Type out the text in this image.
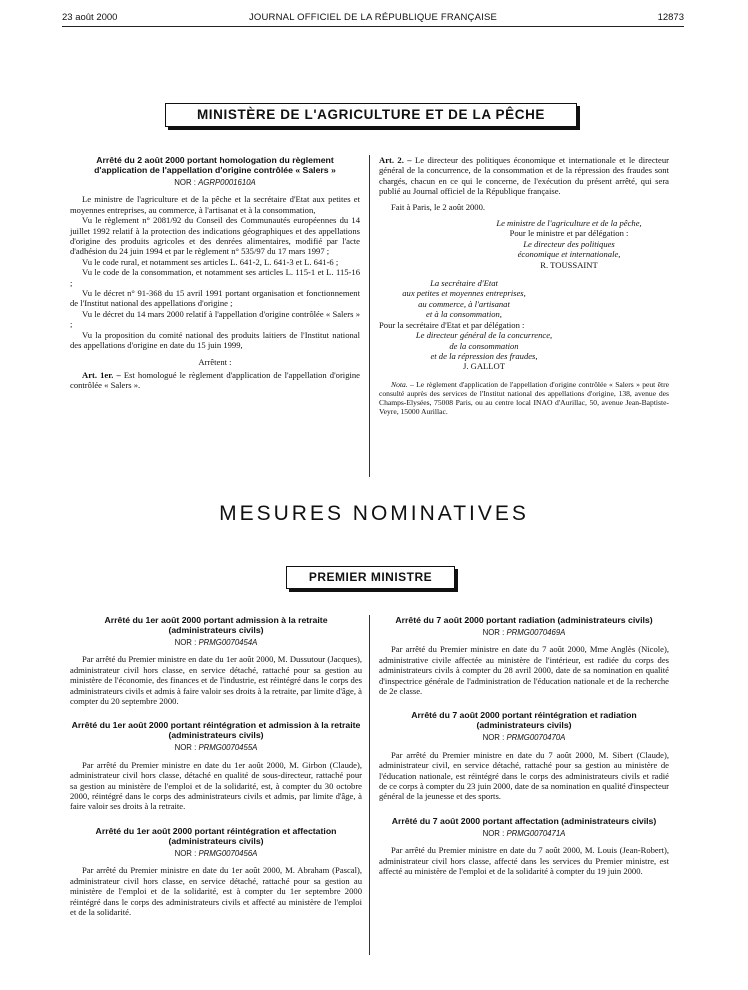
23 août 2000	JOURNAL OFFICIEL DE LA RÉPUBLIQUE FRANÇAISE	12873
MINISTÈRE DE L'AGRICULTURE ET DE LA PÊCHE
Arrêté du 2 août 2000 portant homologation du règlement d'application de l'appellation d'origine contrôlée « Salers »
NOR : AGRP0001610A

Le ministre de l'agriculture et de la pêche et la secrétaire d'Etat aux petites et moyennes entreprises, au commerce, à l'artisanat et à la consommation,

Vu le règlement n° 2081/92 du Conseil des Communautés européennes du 14 juillet 1992 relatif à la protection des indications géographiques et des appellations d'origine des produits agricoles et des denrées alimentaires, modifié par l'acte d'adhésion du 24 juin 1994 et par le règlement n° 535/97 du 17 mars 1997 ;

Vu le code rural, et notamment ses articles L. 641-2, L. 641-3 et L. 641-6 ;

Vu le code de la consommation, et notamment ses articles L. 115-1 et L. 115-16 ;

Vu le décret n° 91-368 du 15 avril 1991 portant organisation et fonctionnement de l'Institut national des appellations d'origine ;

Vu le décret du 14 mars 2000 relatif à l'appellation d'origine contrôlée « Salers » ;

Vu la proposition du comité national des produits laitiers de l'Institut national des appellations d'origine en date du 15 juin 1999,

Arrêtent :

Art. 1er. – Est homologué le règlement d'application de l'appellation d'origine contrôlée « Salers ».

Art. 2. – Le directeur des politiques économique et internationale et le directeur général de la concurrence, de la consommation et de la répression des fraudes sont chargés, chacun en ce qui le concerne, de l'exécution du présent arrêté, qui sera publié au Journal officiel de la République française.

Fait à Paris, le 2 août 2000.

Le ministre de l'agriculture et de la pêche,
Pour le ministre et par délégation :
Le directeur des politiques
économique et internationale,
R. TOUSSAINT
La secrétaire d'Etat
aux petites et moyennes entreprises,
au commerce, à l'artisanat
et à la consommation,
Pour la secrétaire d'Etat et par délégation :
Le directeur général de la concurrence,
de la consommation
et de la répression des fraudes,
J. GALLOT

Nota. – Le règlement d'application de l'appellation d'origine contrôlée « Salers » peut être consulté auprès des services de l'Institut national des appellations d'origine, 138, avenue des Champs-Elysées, 75008 Paris, ou au centre local INAO d'Aurillac, 50, avenue Jean-Baptiste-Veyre, 15000 Aurillac.

MESURES NOMINATIVES
PREMIER MINISTRE
Arrêté du 1er août 2000 portant admission à la retraite (administrateurs civils)
NOR : PRMG0070454A

Par arrêté du Premier ministre en date du 1er août 2000, M. Dussutour (Jacques), administrateur civil hors classe, en service détaché, rattaché pour sa gestion au ministère de l'économie, des finances et de l'industrie, est réintégré dans le corps des administrateurs civils et admis à faire valoir ses droits à la retraite, par limite d'âge, à compter du 20 septembre 2000.

Arrêté du 1er août 2000 portant réintégration et admission à la retraite (administrateurs civils)
NOR : PRMG0070455A

Par arrêté du Premier ministre en date du 1er août 2000, M. Girbon (Claude), administrateur civil hors classe, détaché en qualité de sous-directeur, rattaché pour sa gestion au ministère de l'emploi et de la solidarité, est, à compter du 30 octobre 2000, réintégré dans le corps des administrateurs civils et admis, par limite d'âge, à faire valoir ses droits à la retraite.

Arrêté du 1er août 2000 portant réintégration et affectation (administrateurs civils)
NOR : PRMG0070456A

Par arrêté du Premier ministre en date du 1er août 2000, M. Abraham (Pascal), administrateur civil hors classe, en service détaché, rattaché pour sa gestion au ministère de l'emploi et de la solidarité, est à compter du 1er septembre 2000 réintégré dans le corps des administrateurs civils et affecté au ministère de l'emploi et de la solidarité.

Arrêté du 7 août 2000 portant radiation (administrateurs civils)
NOR : PRMG0070469A

Par arrêté du Premier ministre en date du 7 août 2000, Mme Anglès (Nicole), administrative civile affectée au ministère de l'intérieur, est radiée du corps des administrateurs civils à compter du 28 avril 2000, date de sa nomination en qualité d'inspectrice générale de l'administration de l'éducation nationale et de la recherche de 2e classe.

Arrêté du 7 août 2000 portant réintégration et radiation (administrateurs civils)
NOR : PRMG0070470A

Par arrêté du Premier ministre en date du 7 août 2000, M. Sibert (Claude), administrateur civil, en service détaché, rattaché pour sa gestion au ministère de l'éducation nationale, est réintégré dans le corps des administrateurs civils et radié de ce corps à compter du 23 juin 2000, date de sa nomination en qualité d'inspecteur général de la jeunesse et des sports.

Arrêté du 7 août 2000 portant affectation (administrateurs civils)
NOR : PRMG0070471A

Par arrêté du Premier ministre en date du 7 août 2000, M. Louis (Jean-Robert), administrateur civil hors classe, affecté dans les services du Premier ministre, est affecté au ministère de l'emploi et de la solidarité à compter du 19 juin 2000.
